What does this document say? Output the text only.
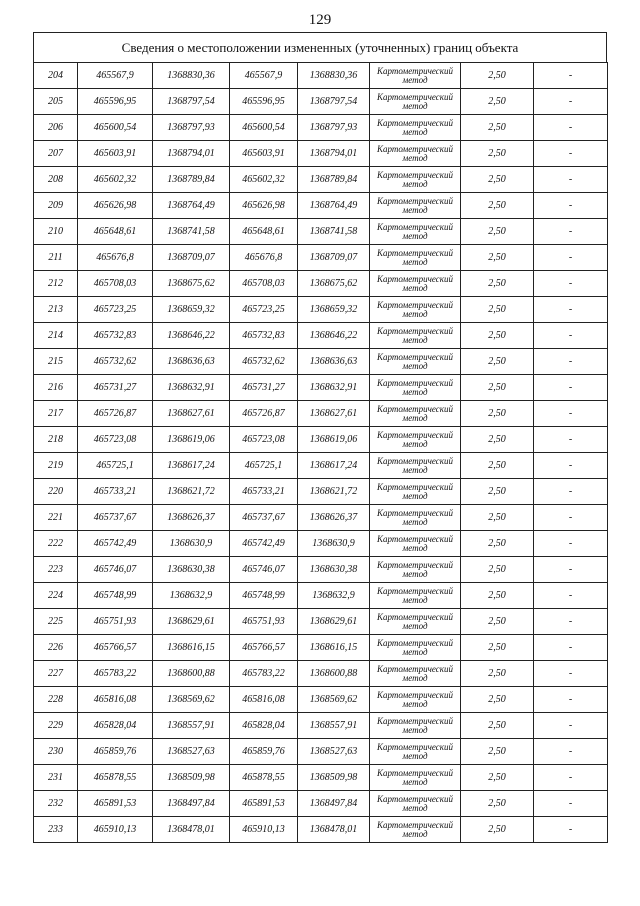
129
Сведения о местоположении измененных (уточненных) границ объекта
204	465567,9	1368830,36	465567,9	1368830,36	Картометрический метод	2,50	-
205	465596,95	1368797,54	465596,95	1368797,54	Картометрический метод	2,50	-
206	465600,54	1368797,93	465600,54	1368797,93	Картометрический метод	2,50	-
207	465603,91	1368794,01	465603,91	1368794,01	Картометрический метод	2,50	-
208	465602,32	1368789,84	465602,32	1368789,84	Картометрический метод	2,50	-
209	465626,98	1368764,49	465626,98	1368764,49	Картометрический метод	2,50	-
210	465648,61	1368741,58	465648,61	1368741,58	Картометрический метод	2,50	-
211	465676,8	1368709,07	465676,8	1368709,07	Картометрический метод	2,50	-
212	465708,03	1368675,62	465708,03	1368675,62	Картометрический метод	2,50	-
213	465723,25	1368659,32	465723,25	1368659,32	Картометрический метод	2,50	-
214	465732,83	1368646,22	465732,83	1368646,22	Картометрический метод	2,50	-
215	465732,62	1368636,63	465732,62	1368636,63	Картометрический метод	2,50	-
216	465731,27	1368632,91	465731,27	1368632,91	Картометрический метод	2,50	-
217	465726,87	1368627,61	465726,87	1368627,61	Картометрический метод	2,50	-
218	465723,08	1368619,06	465723,08	1368619,06	Картометрический метод	2,50	-
219	465725,1	1368617,24	465725,1	1368617,24	Картометрический метод	2,50	-
220	465733,21	1368621,72	465733,21	1368621,72	Картометрический метод	2,50	-
221	465737,67	1368626,37	465737,67	1368626,37	Картометрический метод	2,50	-
222	465742,49	1368630,9	465742,49	1368630,9	Картометрический метод	2,50	-
223	465746,07	1368630,38	465746,07	1368630,38	Картометрический метод	2,50	-
224	465748,99	1368632,9	465748,99	1368632,9	Картометрический метод	2,50	-
225	465751,93	1368629,61	465751,93	1368629,61	Картометрический метод	2,50	-
226	465766,57	1368616,15	465766,57	1368616,15	Картометрический метод	2,50	-
227	465783,22	1368600,88	465783,22	1368600,88	Картометрический метод	2,50	-
228	465816,08	1368569,62	465816,08	1368569,62	Картометрический метод	2,50	-
229	465828,04	1368557,91	465828,04	1368557,91	Картометрический метод	2,50	-
230	465859,76	1368527,63	465859,76	1368527,63	Картометрический метод	2,50	-
231	465878,55	1368509,98	465878,55	1368509,98	Картометрический метод	2,50	-
232	465891,53	1368497,84	465891,53	1368497,84	Картометрический метод	2,50	-
233	465910,13	1368478,01	465910,13	1368478,01	Картометрический метод	2,50	-
